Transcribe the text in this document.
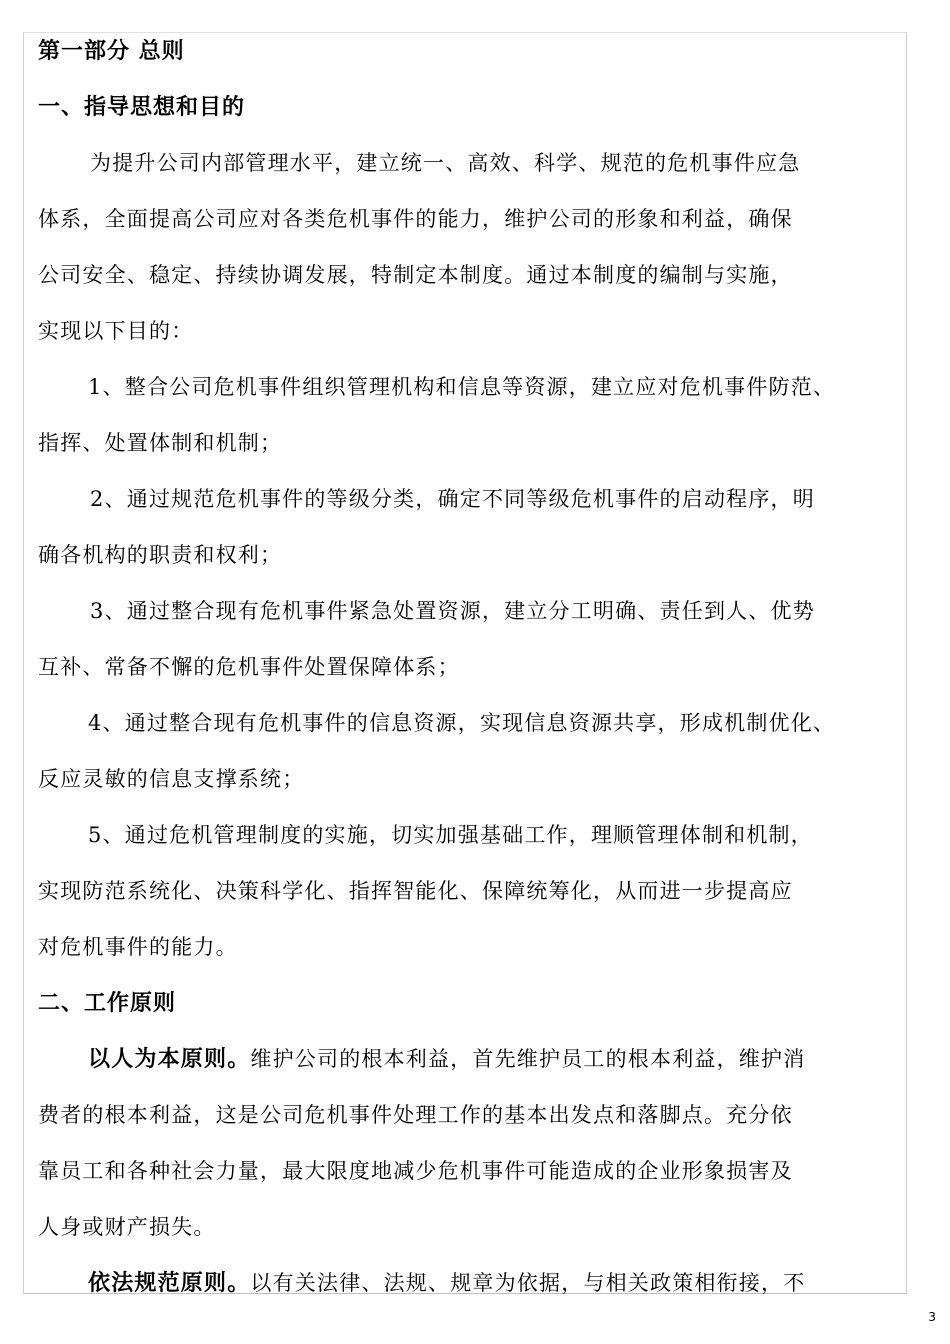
第一部分 总则
一、指导思想和目的
为提升公司内部管理水平，建立统一、高效、科学、规范的危机事件应急
体系，全面提高公司应对各类危机事件的能力，维护公司的形象和利益，确保
公司安全、稳定、持续协调发展，特制定本制度。通过本制度的编制与实施，
实现以下目的：
1、整合公司危机事件组织管理机构和信息等资源，建立应对危机事件防范、
指挥、处置体制和机制；
2、通过规范危机事件的等级分类，确定不同等级危机事件的启动程序，明
确各机构的职责和权利；
3、通过整合现有危机事件紧急处置资源，建立分工明确、责任到人、优势
互补、常备不懈的危机事件处置保障体系；
4、通过整合现有危机事件的信息资源，实现信息资源共享，形成机制优化、
反应灵敏的信息支撑系统；
5、通过危机管理制度的实施，切实加强基础工作，理顺管理体制和机制，
实现防范系统化、决策科学化、指挥智能化、保障统筹化，从而进一步提高应
对危机事件的能力。
二、工作原则
以人为本原则。维护公司的根本利益，首先维护员工的根本利益，维护消
费者的根本利益，这是公司危机事件处理工作的基本出发点和落脚点。充分依
靠员工和各种社会力量，最大限度地减少危机事件可能造成的企业形象损害及
人身或财产损失。
依法规范原则。以有关法律、法规、规章为依据，与相关政策相衔接，不
3
